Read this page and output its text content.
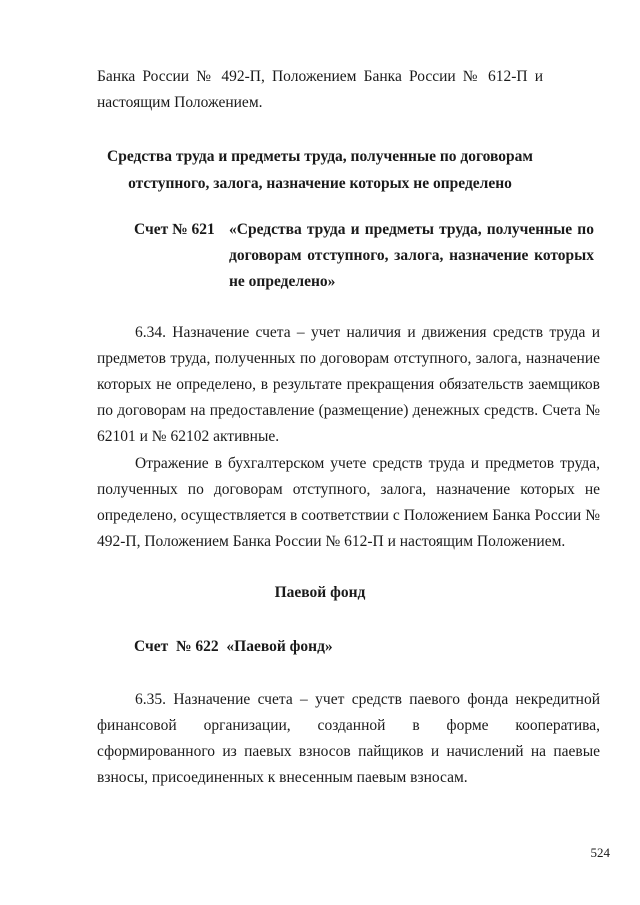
Банка России № 492-П, Положением Банка России № 612-П и настоящим Положением.

Средства труда и предметы труда, полученные по договорам отступного, залога, назначение которых не определено

Счет № 621 «Средства труда и предметы труда, полученные по договорам отступного, залога, назначение которых не определено»

6.34. Назначение счета – учет наличия и движения средств труда и предметов труда, полученных по договорам отступного, залога, назначение которых не определено, в результате прекращения обязательств заемщиков по договорам на предоставление (размещение) денежных средств. Счета № 62101 и № 62102 активные.

Отражение в бухгалтерском учете средств труда и предметов труда, полученных по договорам отступного, залога, назначение которых не определено, осуществляется в соответствии с Положением Банка России № 492-П, Положением Банка России № 612-П и настоящим Положением.

Паевой фонд

Счет  № 622  «Паевой фонд»

6.35. Назначение счета – учет средств паевого фонда некредитной финансовой организации, созданной в форме кооператива, сформированного из паевых взносов пайщиков и начислений на паевые взносы, присоединенных к внесенным паевым взносам.

524
